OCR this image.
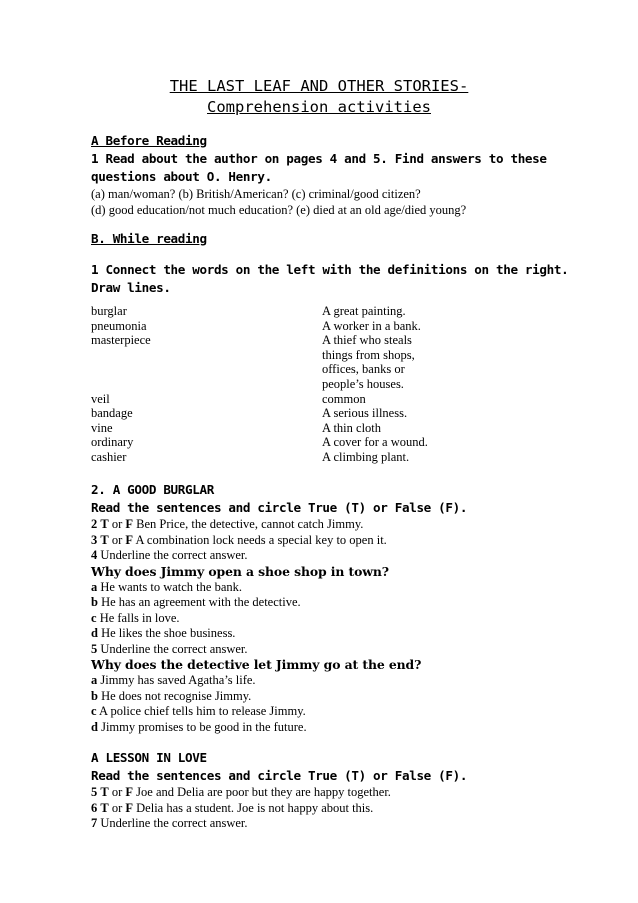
THE LAST LEAF AND OTHER STORIES-
Comprehension activities

A Before Reading

1 Read about the author on pages 4 and 5. Find answers to these

questions about O. Henry.

(a) man/woman? (b) British/American? (c) criminal/good citizen?

(d) good education/not much education? (e) died at an old age/died young?

B. While reading

1 Connect the words on the left with the definitions on the right.

Draw lines.

burglar

pneumonia

masterpiece

veil

bandage

vine

ordinary

cashier

A great painting.

A worker in a bank.

A thief who steals

things from shops,

offices, banks or

people’s houses.

common

A serious illness.

A thin cloth

A cover for a wound.

A climbing plant.

2. A GOOD BURGLAR

Read the sentences and circle True (T) or False (F).

2 T or F Ben Price, the detective, cannot catch Jimmy.

3 T or F A combination lock needs a special key to open it.

4 Underline the correct answer.

Why does Jimmy open a shoe shop in town?

a He wants to watch the bank.

b He has an agreement with the detective.

c He falls in love.

d He likes the shoe business.

5 Underline the correct answer.

Why does the detective let Jimmy go at the end?

a Jimmy has saved Agatha’s life.

b He does not recognise Jimmy.

c A police chief tells him to release Jimmy.

d Jimmy promises to be good in the future.

A LESSON IN LOVE

Read the sentences and circle True (T) or False (F).

5 T or F Joe and Delia are poor but they are happy together.

6 T or F Delia has a student. Joe is not happy about this.

7 Underline the correct answer.
